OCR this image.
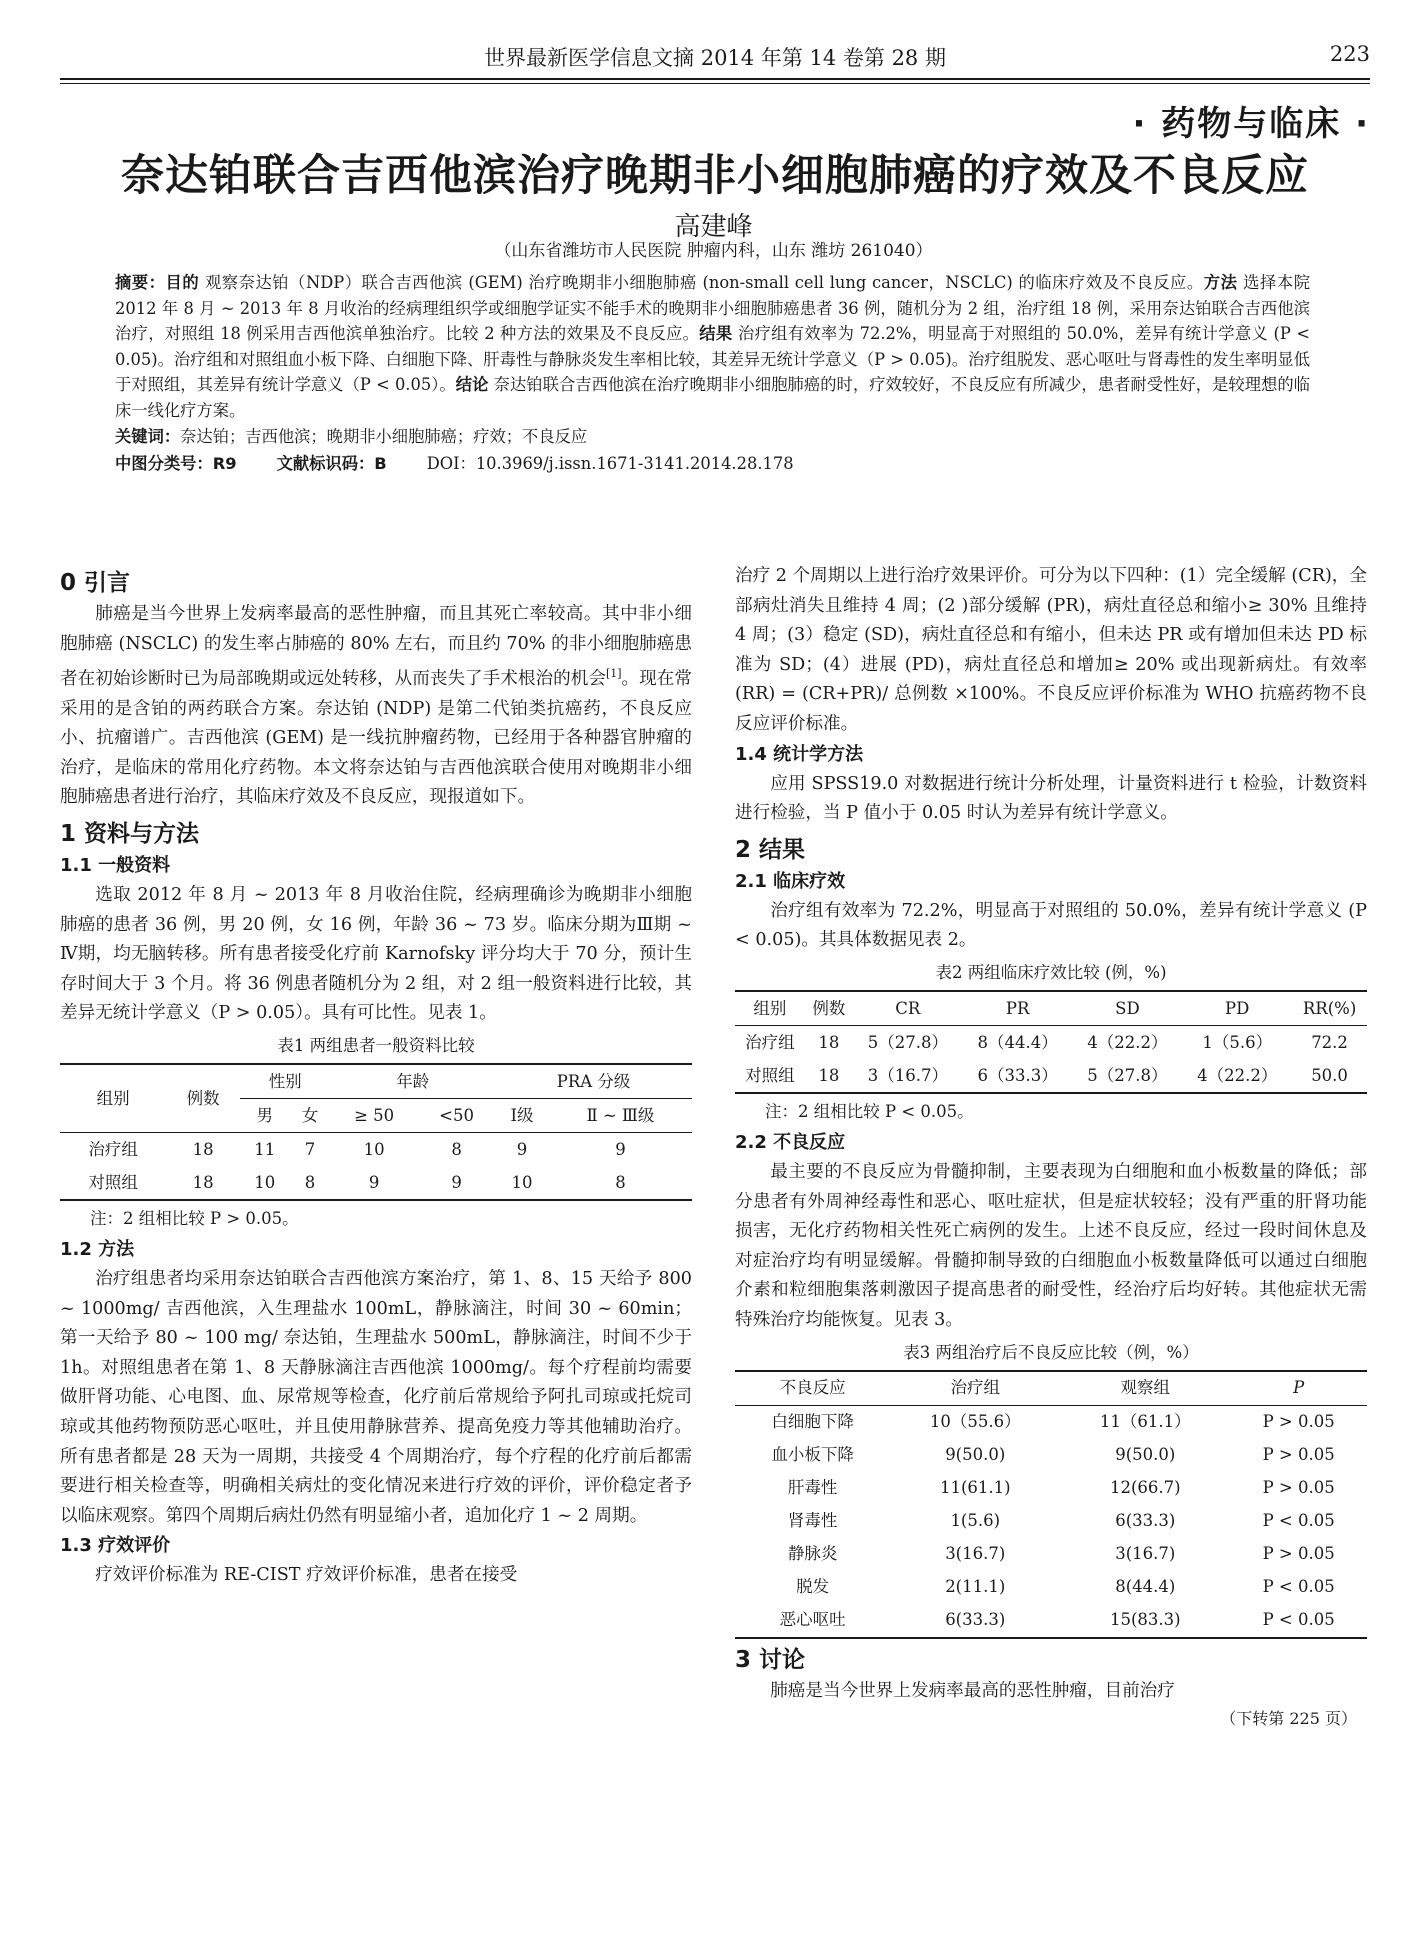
世界最新医学信息文摘 2014 年第 14 卷第 28 期	223
· 药物与临床 ·
奈达铂联合吉西他滨治疗晚期非小细胞肺癌的疗效及不良反应
高建峰
（山东省潍坊市人民医院 肿瘤内科，山东 潍坊 261040）
摘要：目的 观察奈达铂（NDP）联合吉西他滨 (GEM) 治疗晚期非小细胞肺癌 (non-small cell lung cancer，NSCLC) 的临床疗效及不良反应。方法 选择本院 2012 年 8 月 ~ 2013 年 8 月收治的经病理组织学或细胞学证实不能手术的晚期非小细胞肺癌患者 36 例，随机分为 2 组，治疗组 18 例，采用奈达铂联合吉西他滨治疗，对照组 18 例采用吉西他滨单独治疗。比较 2 种方法的效果及不良反应。结果 治疗组有效率为 72.2%，明显高于对照组的 50.0%，差异有统计学意义 (P < 0.05)。治疗组和对照组血小板下降、白细胞下降、肝毒性与静脉炎发生率相比较，其差异无统计学意义（P > 0.05)。治疗组脱发、恶心呕吐与肾毒性的发生率明显低于对照组，其差异有统计学意义（P < 0.05）。结论 奈达铂联合吉西他滨在治疗晚期非小细胞肺癌的时，疗效较好，不良反应有所减少，患者耐受性好，是较理想的临床一线化疗方案。
关键词：奈达铂；吉西他滨；晚期非小细胞肺癌；疗效；不良反应
中图分类号：R9 文献标识码：B DOI：10.3969/j.issn.1671-3141.2014.28.178
0 引言

肺癌是当今世界上发病率最高的恶性肿瘤，而且其死亡率较高。其中非小细胞肺癌 (NSCLC) 的发生率占肺癌的 80% 左右，而且约 70% 的非小细胞肺癌患者在初始诊断时已为局部晚期或远处转移，从而丧失了手术根治的机会[1]。现在常采用的是含铂的两药联合方案。奈达铂 (NDP) 是第二代铂类抗癌药，不良反应小、抗瘤谱广。吉西他滨 (GEM) 是一线抗肿瘤药物，已经用于各种器官肿瘤的治疗，是临床的常用化疗药物。本文将奈达铂与吉西他滨联合使用对晚期非小细胞肺癌患者进行治疗，其临床疗效及不良反应，现报道如下。

1 资料与方法
1.1 一般资料

选取 2012 年 8 月 ~ 2013 年 8 月收治住院，经病理确诊为晚期非小细胞肺癌的患者 36 例，男 20 例，女 16 例，年龄 36 ~ 73 岁。临床分期为Ⅲ期 ~ Ⅳ期，均无脑转移。所有患者接受化疗前 Karnofsky 评分均大于 70 分，预计生存时间大于 3 个月。将 36 例患者随机分为 2 组，对 2 组一般资料进行比较，其差异无统计学意义（P > 0.05）。具有可比性。见表 1。

表1 两组患者一般资料比较
组别	例数	性别		年龄		PRA 分级	
		男	女	≥ 50	<50	Ⅰ级	Ⅱ ~ Ⅲ级
治疗组	18	11	7	10	8	9	9
对照组	18	10	8	9	9	10	8
注：2 组相比较 P > 0.05。
1.2 方法

治疗组患者均采用奈达铂联合吉西他滨方案治疗，第 1、8、15 天给予 800 ~ 1000mg/ 吉西他滨，入生理盐水 100mL，静脉滴注，时间 30 ~ 60min；第一天给予 80 ~ 100 mg/ 奈达铂，生理盐水 500mL，静脉滴注，时间不少于 1h。对照组患者在第 1、8 天静脉滴注吉西他滨 1000mg/。每个疗程前均需要做肝肾功能、心电图、血、尿常规等检查，化疗前后常规给予阿扎司琼或托烷司琼或其他药物预防恶心呕吐，并且使用静脉营养、提高免疫力等其他辅助治疗。所有患者都是 28 天为一周期，共接受 4 个周期治疗，每个疗程的化疗前后都需要进行相关检查等，明确相关病灶的变化情况来进行疗效的评价，评价稳定者予以临床观察。第四个周期后病灶仍然有明显缩小者，追加化疗 1 ~ 2 周期。

1.3 疗效评价

疗效评价标准为 RE-CIST 疗效评价标准，患者在接受

治疗 2 个周期以上进行治疗效果评价。可分为以下四种：(1）完全缓解 (CR)，全部病灶消失且维持 4 周；(2 )部分缓解 (PR)，病灶直径总和缩小≥ 30% 且维持 4 周；(3）稳定 (SD)，病灶直径总和有缩小，但未达 PR 或有增加但未达 PD 标准为 SD；(4）进展 (PD)，病灶直径总和增加≥ 20% 或出现新病灶。有效率 (RR) = (CR+PR)/ 总例数 ×100%。不良反应评价标准为 WHO 抗癌药物不良反应评价标准。

1.4 统计学方法

应用 SPSS19.0 对数据进行统计分析处理，计量资料进行 t 检验，计数资料进行检验，当 P 值小于 0.05 时认为差异有统计学意义。

2 结果
2.1 临床疗效

治疗组有效率为 72.2%，明显高于对照组的 50.0%，差异有统计学意义 (P < 0.05)。其具体数据见表 2。

表2 两组临床疗效比较 (例，%)
组别	例数	CR	PR	SD	PD	RR(%)
治疗组	18	5（27.8）	8（44.4）	4（22.2）	1（5.6）	72.2
对照组	18	3（16.7）	6（33.3）	5（27.8）	4（22.2）	50.0
注：2 组相比较 P < 0.05。
2.2 不良反应

最主要的不良反应为骨髓抑制，主要表现为白细胞和血小板数量的降低；部分患者有外周神经毒性和恶心、呕吐症状，但是症状较轻；没有严重的肝肾功能损害，无化疗药物相关性死亡病例的发生。上述不良反应，经过一段时间休息及对症治疗均有明显缓解。骨髓抑制导致的白细胞血小板数量降低可以通过白细胞介素和粒细胞集落刺激因子提高患者的耐受性，经治疗后均好转。其他症状无需特殊治疗均能恢复。见表 3。

表3 两组治疗后不良反应比较（例，%）
不良反应	治疗组	观察组	P
白细胞下降	10（55.6）	11（61.1）	P > 0.05
血小板下降	9(50.0)	9(50.0)	P > 0.05
肝毒性	11(61.1)	12(66.7)	P > 0.05
肾毒性	1(5.6)	6(33.3)	P < 0.05
静脉炎	3(16.7)	3(16.7)	P > 0.05
脱发	2(11.1)	8(44.4)	P < 0.05
恶心呕吐	6(33.3)	15(83.3)	P < 0.05
3 讨论

肺癌是当今世界上发病率最高的恶性肿瘤，目前治疗

（下转第 225 页）
